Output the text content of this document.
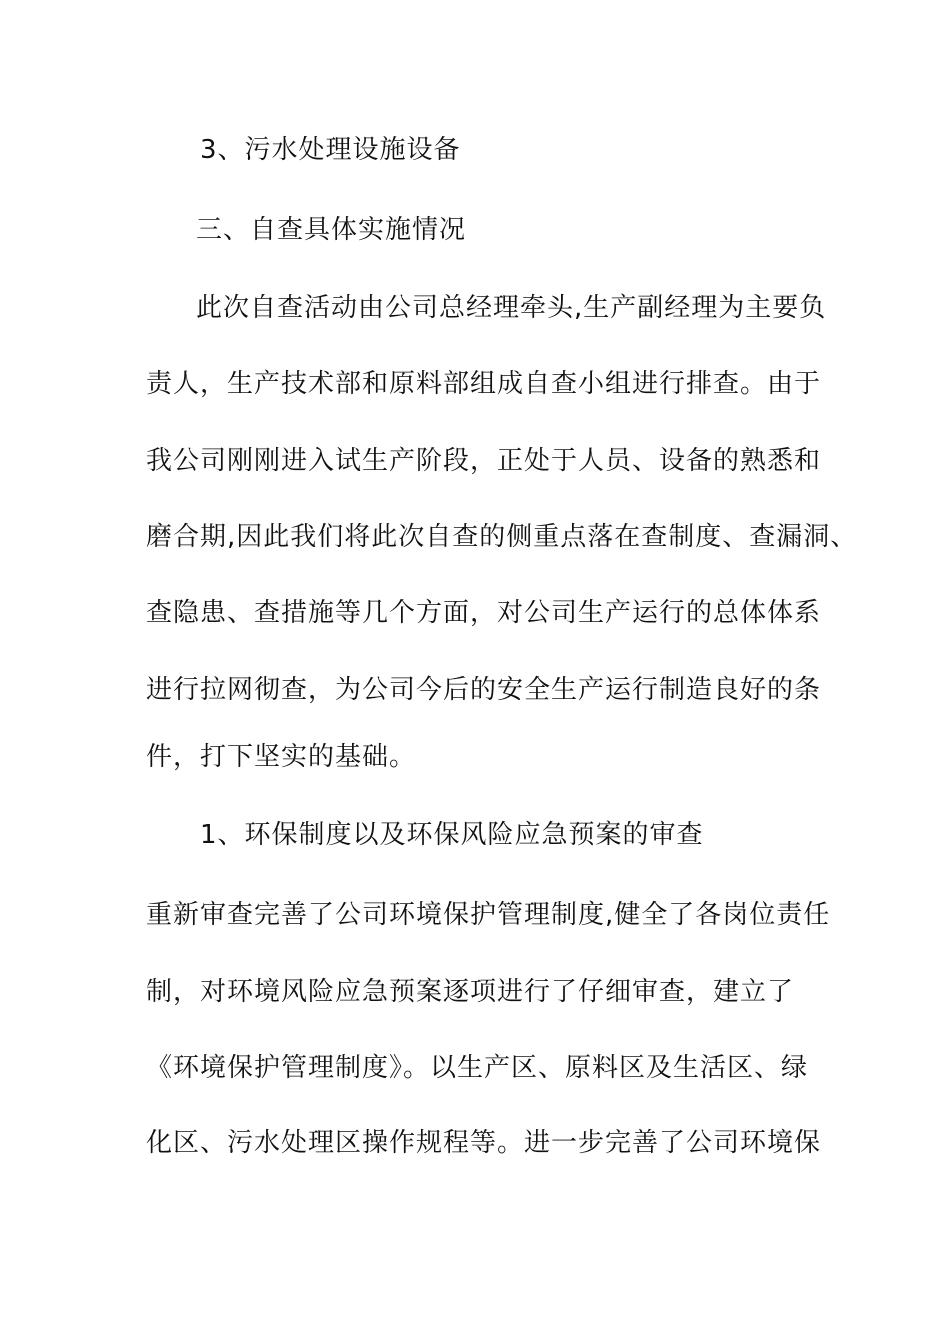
3、污水处理设施设备
三、自查具体实施情况
此次自查活动由公司总经理牵头,生产副经理为主要负
责人，生产技术部和原料部组成自查小组进行排查。由于
我公司刚刚进入试生产阶段，正处于人员、设备的熟悉和
磨合期,因此我们将此次自查的侧重点落在查制度、查漏洞、
查隐患、查措施等几个方面，对公司生产运行的总体体系
进行拉网彻查，为公司今后的安全生产运行制造良好的条
件，打下坚实的基础。
1、环保制度以及环保风险应急预案的审查
重新审查完善了公司环境保护管理制度,健全了各岗位责任
制，对环境风险应急预案逐项进行了仔细审查，建立了
《环境保护管理制度》。以生产区、原料区及生活区、绿
化区、污水处理区操作规程等。进一步完善了公司环境保
